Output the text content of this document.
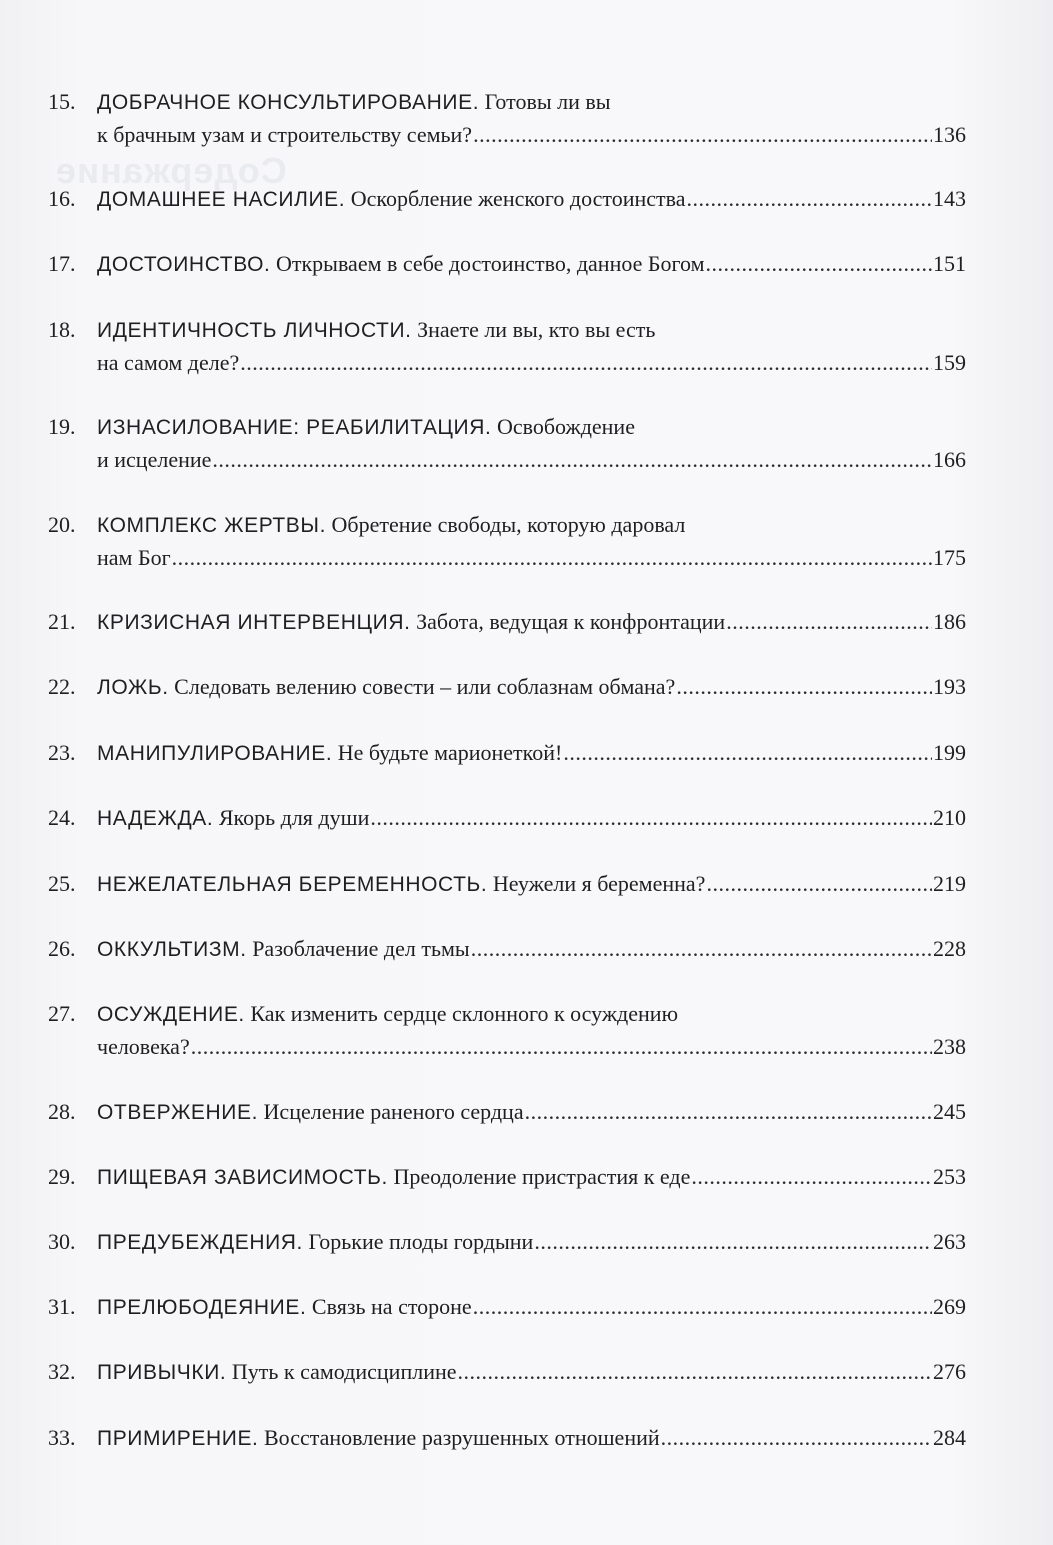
Содержание
15.	ДОБРАЧНОЕ КОНСУЛЬТИРОВАНИЕ.
Готовы ли вы
к брачным узам и строительству семьи? .....	136
16.	ДОМАШНЕЕ НАСИЛИЕ.
Оскорбление женского достоинства .....	143
17.	ДОСТОИНСТВО.
Открываем в себе достоинство, данное Богом .....	151
18.	ИДЕНТИЧНОСТЬ ЛИЧНОСТИ.
Знаете ли вы, кто вы есть
на самом деле? .....	159
19.	ИЗНАСИЛОВАНИЕ: РЕАБИЛИТАЦИЯ.
Освобождение
и исцеление .....	166
20.	КОМПЛЕКС ЖЕРТВЫ.
Обретение свободы, которую даровал
нам Бог .....	175
21.	КРИЗИСНАЯ ИНТЕРВЕНЦИЯ.
Забота, ведущая к конфронтации .....	186
22.	ЛОЖЬ.
Следовать велению совести – или соблазнам обмана? .....	193
23.	МАНИПУЛИРОВАНИЕ.
Не будьте марионеткой! .....	199
24.	НАДЕЖДА.
Якорь для души .....	210
25.	НЕЖЕЛАТЕЛЬНАЯ БЕРЕМЕННОСТЬ.
Неужели я беременна? .....	219
26.	ОККУЛЬТИЗМ.
Разоблачение дел тьмы .....	228
27.	ОСУЖДЕНИЕ.
Как изменить сердце склонного к осуждению
человека? .....	238
28.	ОТВЕРЖЕНИЕ.
Исцеление раненого сердца .....	245
29.	ПИЩЕВАЯ ЗАВИСИМОСТЬ.
Преодоление пристрастия к еде .....	253
30.	ПРЕДУБЕЖДЕНИЯ.
Горькие плоды гордыни .....	263
31.	ПРЕЛЮБОДЕЯНИЕ.
Связь на стороне .....	269
32.	ПРИВЫЧКИ.
Путь к самодисциплине .....	276
33.	ПРИМИРЕНИЕ.
Восстановление разрушенных отношений .....	284
